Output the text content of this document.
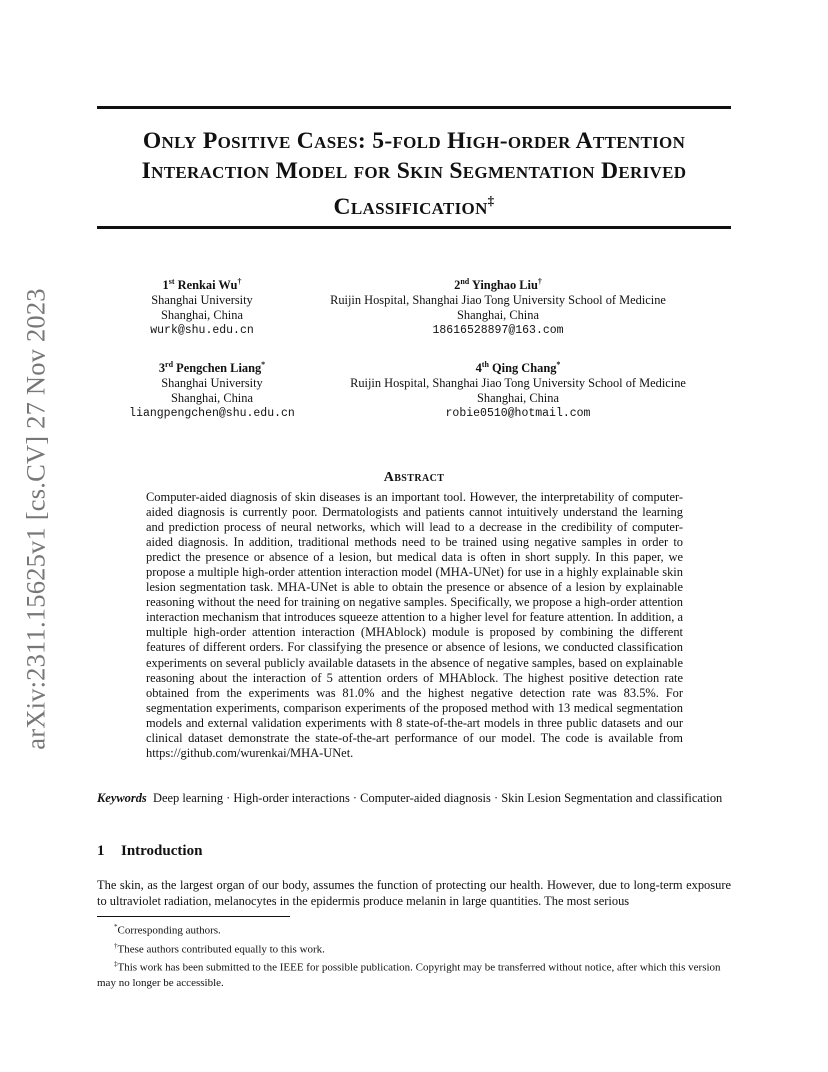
arXiv:2311.15625v1 [cs.CV] 27 Nov 2023
Only Positive Cases: 5-fold High-order Attention
Interaction Model for Skin Segmentation Derived
Classification‡
1st Renkai Wu†
Shanghai University
Shanghai, China
wurk@shu.edu.cn
2nd Yinghao Liu†
Ruijin Hospital, Shanghai Jiao Tong University School of Medicine
Shanghai, China
18616528897@163.com
3rd Pengchen Liang*
Shanghai University
Shanghai, China
liangpengchen@shu.edu.cn
4th Qing Chang*
Ruijin Hospital, Shanghai Jiao Tong University School of Medicine
Shanghai, China
robie0510@hotmail.com
Abstract
Computer-aided diagnosis of skin diseases is an important tool. However, the interpretability of computer-aided diagnosis is currently poor. Dermatologists and patients cannot intuitively understand the learning and prediction process of neural networks, which will lead to a decrease in the credibility of computer-aided diagnosis. In addition, traditional methods need to be trained using negative samples in order to predict the presence or absence of a lesion, but medical data is often in short supply. In this paper, we propose a multiple high-order attention interaction model (MHA-UNet) for use in a highly explainable skin lesion segmentation task. MHA-UNet is able to obtain the presence or absence of a lesion by explainable reasoning without the need for training on negative samples. Specifically, we propose a high-order attention interaction mechanism that introduces squeeze attention to a higher level for feature attention. In addition, a multiple high-order attention interaction (MHAblock) module is proposed by combining the different features of different orders. For classifying the presence or absence of lesions, we conducted classification experiments on several publicly available datasets in the absence of negative samples, based on explainable reasoning about the interaction of 5 attention orders of MHAblock. The highest positive detection rate obtained from the experiments was 81.0% and the highest negative detection rate was 83.5%. For segmentation experiments, comparison experiments of the proposed method with 13 medical segmentation models and external validation experiments with 8 state-of-the-art models in three public datasets and our clinical dataset demonstrate the state-of-the-art performance of our model. The code is available from https://github.com/wurenkai/MHA-UNet.
Keywords Deep learning · High-order interactions · Computer-aided diagnosis · Skin Lesion Segmentation and classification
1 Introduction
The skin, as the largest organ of our body, assumes the function of protecting our health. However, due to long-term exposure to ultraviolet radiation, melanocytes in the epidermis produce melanin in large quantities. The most serious
*Corresponding authors.
†These authors contributed equally to this work.
‡This work has been submitted to the IEEE for possible publication. Copyright may be transferred without notice, after which this version may no longer be accessible.
